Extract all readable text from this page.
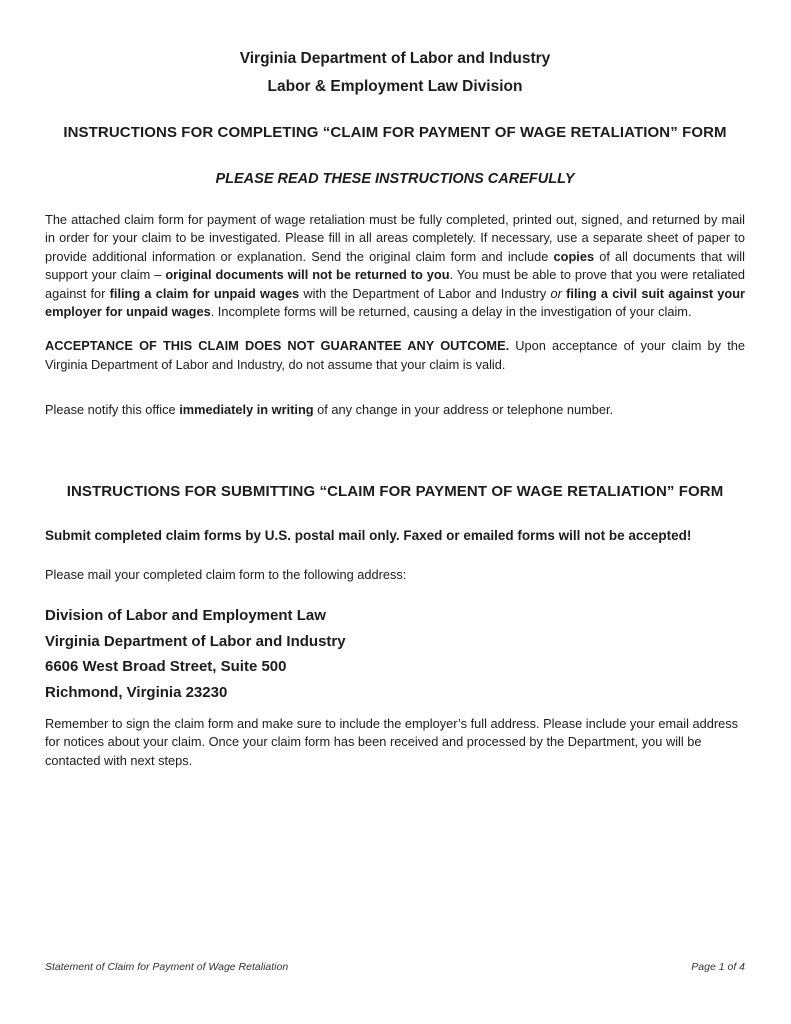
Virginia Department of Labor and Industry
Labor & Employment Law Division
INSTRUCTIONS FOR COMPLETING “CLAIM FOR PAYMENT OF WAGE RETALIATION” FORM
PLEASE READ THESE INSTRUCTIONS CAREFULLY

The attached claim form for payment of wage retaliation must be fully completed, printed out, signed, and returned by mail in order for your claim to be investigated. Please fill in all areas completely. If necessary, use a separate sheet of paper to provide additional information or explanation. Send the original claim form and include copies of all documents that will support your claim – original documents will not be returned to you. You must be able to prove that you were retaliated against for filing a claim for unpaid wages with the Department of Labor and Industry or filing a civil suit against your employer for unpaid wages. Incomplete forms will be returned, causing a delay in the investigation of your claim.

ACCEPTANCE OF THIS CLAIM DOES NOT GUARANTEE ANY OUTCOME. Upon acceptance of your claim by the Virginia Department of Labor and Industry, do not assume that your claim is valid.

Please notify this office immediately in writing of any change in your address or telephone number.

INSTRUCTIONS FOR SUBMITTING “CLAIM FOR PAYMENT OF WAGE RETALIATION” FORM

Submit completed claim forms by U.S. postal mail only. Faxed or emailed forms will not be accepted!

Please mail your completed claim form to the following address:

Division of Labor and Employment Law
Virginia Department of Labor and Industry
6606 West Broad Street, Suite 500
Richmond, Virginia 23230

Remember to sign the claim form and make sure to include the employer’s full address. Please include your email address for notices about your claim. Once your claim form has been received and processed by the Department, you will be contacted with next steps.

Statement of Claim for Payment of Wage Retaliation	Page 1 of 4
